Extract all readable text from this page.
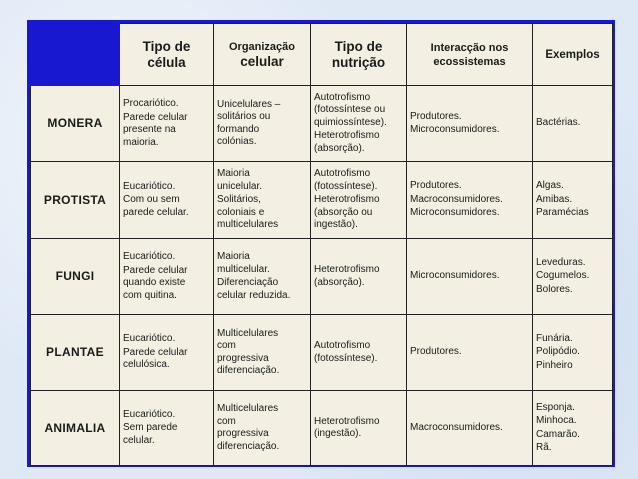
	Tipo de
célula	Organização
celular	Tipo de
nutrição	Interacção nos
ecossistemas	Exemplos

MONERA	Procariótico.
Parede celular
presente na
maioria.	Unicelulares –
solitários ou
formando
colónias.	Autotrofismo
(fotossíntese ou
quimiossíntese).
Heterotrofismo
(absorção).	Produtores.
Microconsumidores.	Bactérias.

PROTISTA	Eucariótico.
Com ou sem
parede celular.	Maioria
unicelular.
Solitários,
coloniais e
multicelulares	Autotrofismo
(fotossíntese).
Heterotrofismo
(absorção ou
ingestão).	Produtores.
Macroconsumidores.
Microconsumidores.	Algas.
Amibas.
Paramécias

FUNGI	Eucariótico.
Parede celular
quando existe
com quitina.	Maioria
multicelular.
Diferenciação
celular reduzida.	Heterotrofismo
(absorção).	Microconsumidores.	Leveduras.
Cogumelos.
Bolores.

PLANTAE	Eucariótico.
Parede celular
celulósica.	Multicelulares
com
progressiva
diferenciação.	Autotrofismo
(fotossíntese).	Produtores.	Funária.
Polipódio.
Pinheiro

ANIMALIA	Eucariótico.
Sem parede
celular.	Multicelulares
com
progressiva
diferenciação.	Heterotrofismo
(ingestão).	Macroconsumidores.	Esponja.
Minhoca.
Camarão.
Rã.
